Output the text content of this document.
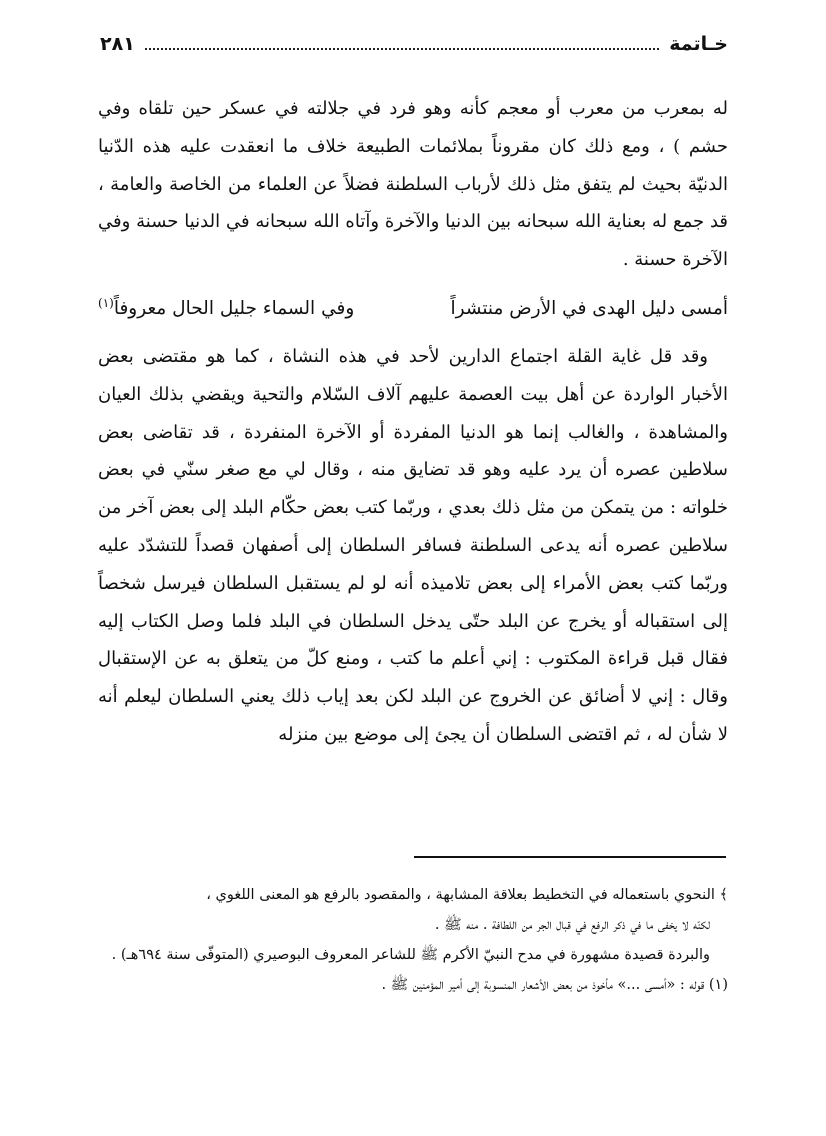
خـاتمة
٢٨١

له بمعرب من معرب أو معجم كأنه وهو فرد في جلالته في عسكر حين تلقاه وفي حشم ) ، ومع ذلك كان مقروناً بملائمات الطبيعة خلاف ما انعقدت عليه هذه الدّنيا الدنيّة بحيث لم يتفق مثل ذلك لأرباب السلطنة فضلاً عن العلماء من الخاصة والعامة ، قد جمع له بعناية الله سبحانه بين الدنيا والآخرة وآتاه الله سبحانه في الدنيا حسنة وفي الآخرة حسنة .

أمسى دليل الهدى في الأرض منتشراً
وفي السماء جليل الحال معروفاً$^{(١)}$

وقد قل غاية القلة اجتماع الدارين لأحد في هذه النشاة ، كما هو مقتضى بعض الأخبار الواردة عن أهل بيت العصمة عليهم آلاف السّلام والتحية ويقضي بذلك العيان والمشاهدة ، والغالب إنما هو الدنيا المفردة أو الآخرة المنفردة ، قد تقاضى بعض سلاطين عصره أن يرد عليه وهو قد تضايق منه ، وقال لي مع صغر سنّي في بعض خلواته : من يتمكن من مثل ذلك بعدي ، وربّما كتب بعض حكّام البلد إلى بعض آخر من سلاطين عصره أنه يدعى السلطنة فسافر السلطان إلى أصفهان قصداً للتشدّد عليه وربّما كتب بعض الأمراء إلى بعض تلاميذه أنه لو لم يستقبل السلطان فيرسل شخصاً إلى استقباله أو يخرج عن البلد حتّى يدخل السلطان في البلد فلما وصل الكتاب إليه فقال قبل قراءة المكتوب : إني أعلم ما كتب ، ومنع كلّ من يتعلق به عن الإستقبال وقال : إني لا أضائق عن الخروج عن البلد لكن بعد إياب ذلك يعني السلطان ليعلم أنه لا شأن له ، ثم اقتضى السلطان أن يجئ إلى موضع بين منزله

﴾ النحوي باستعماله في التخطيط بعلاقة المشابهة ، والمقصود بالرفع هو المعنى اللغوي ،

لكنّه لا يخفى ما في ذكر الرفع في قبال الجر من اللطافة . منه ﷺ .

والبردة قصيدة مشهورة في مدح النبيّ الأكرم ﷺ للشاعر المعروف البوصيري (المتوفّى سنة ٦٩٤هـ) .

(١) قوله : «أمسى ...» مأخوذ من بعض الأشعار المنسوبة إلى أمير المؤمنين ﷺ .
